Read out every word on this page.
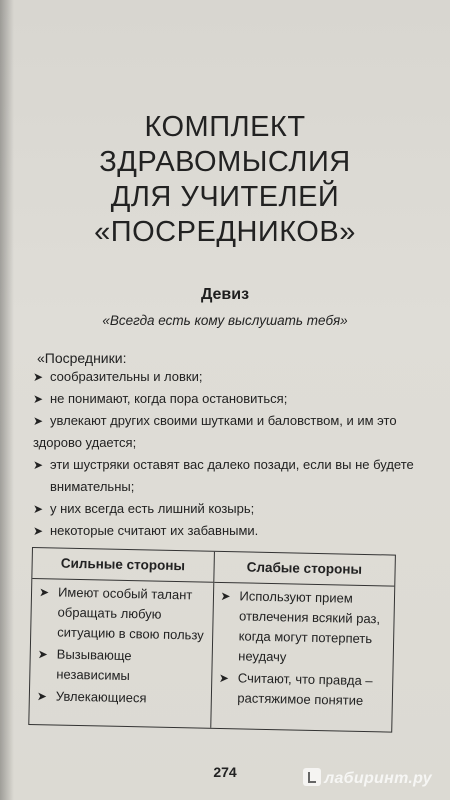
КОМПЛЕКТ
ЗДРАВОМЫСЛИЯ
ДЛЯ УЧИТЕЛЕЙ
«ПОСРЕДНИКОВ»
Девиз
«Всегда есть кому выслушать тебя»
«Посредники:
➤ сообразительны и ловки;
➤ не понимают, когда пора остановиться;
➤ увлекают других своими шутками и баловством, и им это
здорово удается;
➤ эти шустряки оставят вас далеко позади, если вы не будете
внимательны;
➤ у них всегда есть лишний козырь;
➤ некоторые считают их забавными.
Сильные стороны
➤ Имеют особый талант обращать любую ситуацию в свою пользу
➤ Вызывающе независимы
➤ Увлекающиеся
Слабые стороны
➤ Используют прием отвлечения всякий раз, когда могут потерпеть неудачу
➤ Считают, что правда – растяжимое понятие
274	лабиринт.ру
